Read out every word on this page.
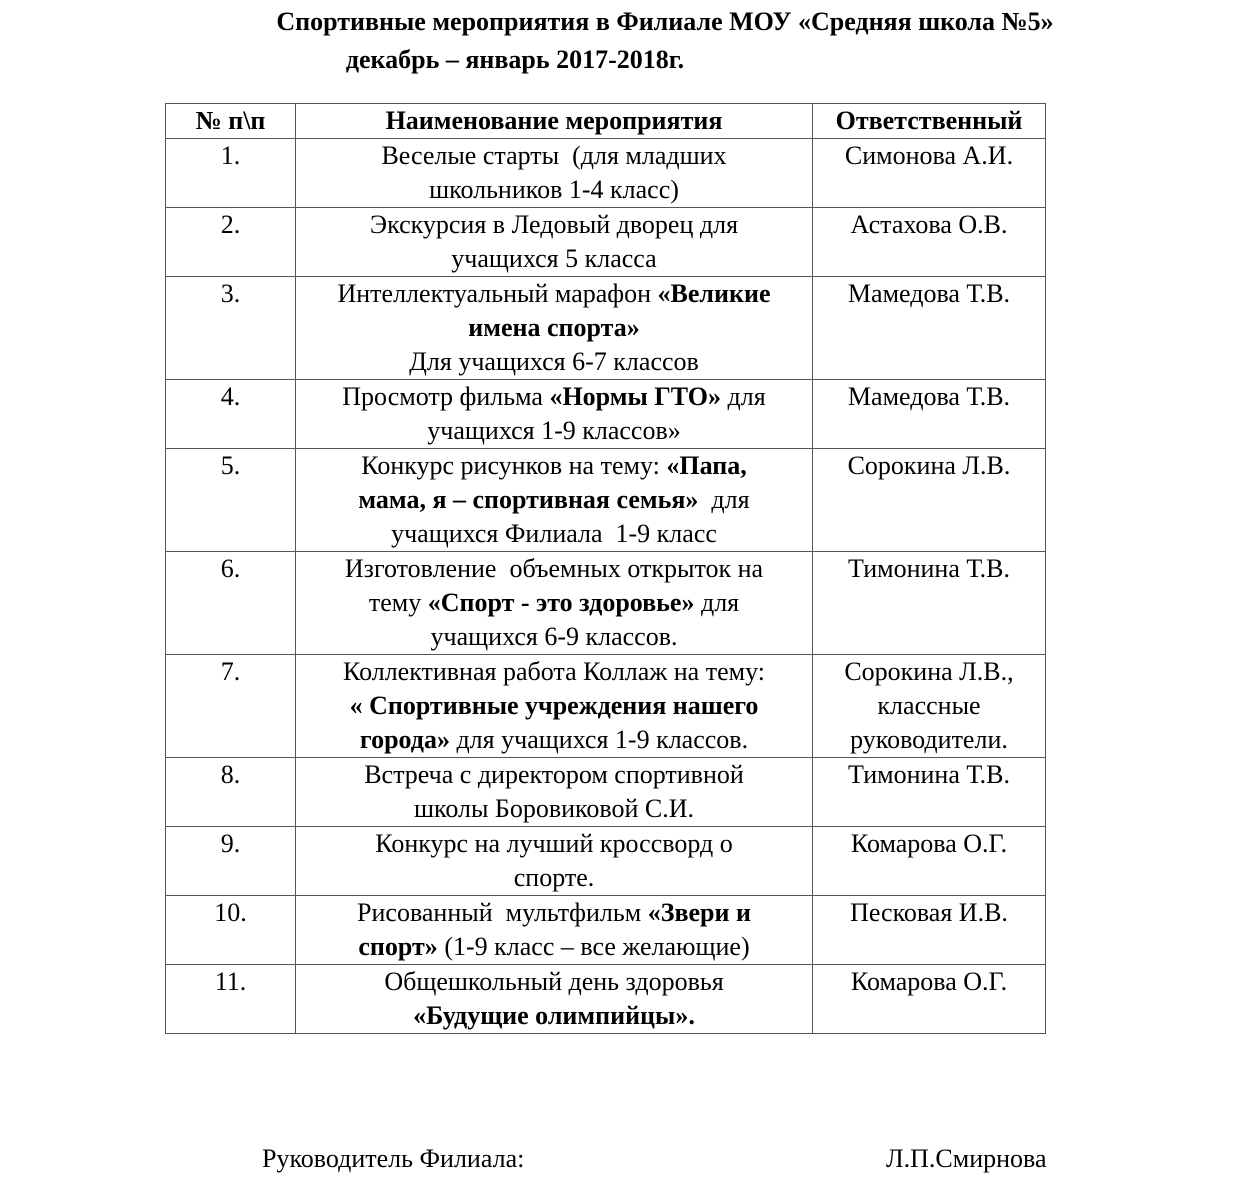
Спортивные мероприятия в Филиале МОУ «Средняя школа №5»
декабрь – январь 2017-2018г.
№ п\п	Наименование мероприятия	Ответственный
1.	Веселые старты  (для младших
школьников 1-4 класс)	Симонова А.И.

2.	Экскурсия в Ледовый дворец для
учащихся 5 класса	Астахова О.В.

3.	Интеллектуальный марафон «Великие
имена спорта»
Для учащихся 6-7 классов	Мамедова Т.В.

4.	Просмотр фильма «Нормы ГТО» для
учащихся 1-9 классов»	Мамедова Т.В.

5.	Конкурс рисунков на тему: «Папа,
мама, я – спортивная семья»  для
учащихся Филиала  1-9 класс	Сорокина Л.В.

6.	Изготовление  объемных открыток на
тему «Спорт - это здоровье» для
учащихся 6-9 классов.	Тимонина Т.В.

7.	Коллективная работа Коллаж на тему:
« Спортивные учреждения нашего
города» для учащихся 1-9 классов.	Сорокина Л.В.,
классные
руководители.

8.	Встреча с директором спортивной
школы Боровиковой С.И.	Тимонина Т.В.

9.	Конкурс на лучший кроссворд о
спорте.	Комарова О.Г.

10.	Рисованный  мультфильм «Звери и
спорт» (1-9 класс – все желающие)	Песковая И.В.

11.	Общешкольный день здоровья
«Будущие олимпийцы».	Комарова О.Г.
Руководитель Филиала:	Л.П.Смирнова
